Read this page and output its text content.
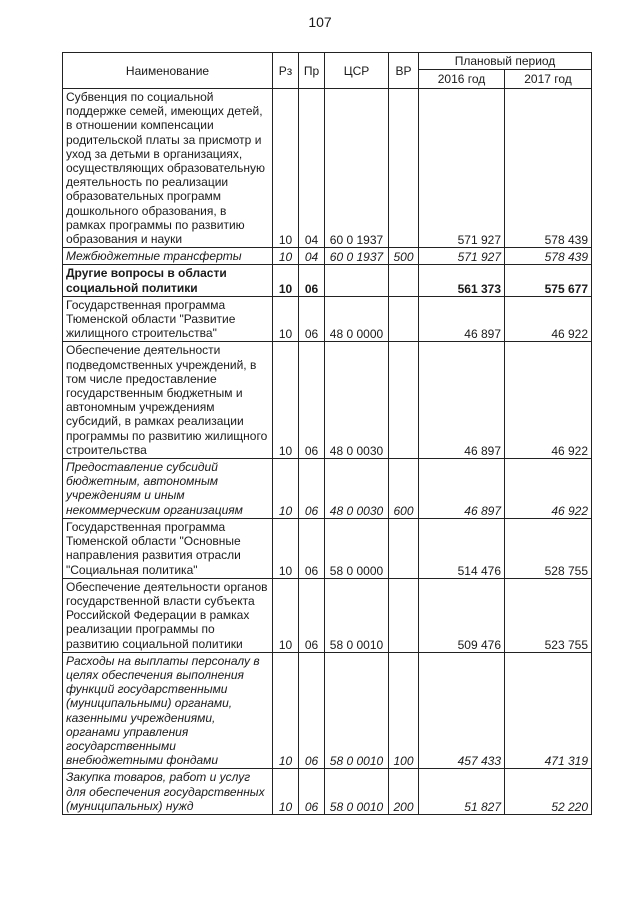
107
Наименование	Рз	Пр	ЦСР	ВР	Плановый период	
					2016 год	2017 год
Субвенция по социальной поддержке семей, имеющих детей, в отношении компенсации родительской платы за присмотр и уход за детьми в организациях, осуществляющих образовательную деятельность по реализации образовательных программ дошкольного образования, в рамках программы по развитию образования и науки	10	04	60 0 1937		571 927	578 439
Межбюджетные трансферты	10	04	60 0 1937	500	571 927	578 439
Другие вопросы в области социальной политики	10	06			561 373	575 677
Государственная программа Тюменской области "Развитие жилищного строительства"	10	06	48 0 0000		46 897	46 922
Обеспечение деятельности подведомственных учреждений, в том числе предоставление государственным бюджетным и автономным учреждениям субсидий, в рамках реализации программы по развитию жилищного строительства	10	06	48 0 0030		46 897	46 922
Предоставление субсидий бюджетным, автономным учреждениям и иным некоммерческим организациям	10	06	48 0 0030	600	46 897	46 922
Государственная программа Тюменской области "Основные направления развития отрасли "Социальная политика"	10	06	58 0 0000		514 476	528 755
Обеспечение деятельности органов государственной власти субъекта Российской Федерации в рамках реализации программы по развитию социальной политики	10	06	58 0 0010		509 476	523 755
Расходы на выплаты персоналу в целях обеспечения выполнения функций государственными (муниципальными) органами, казенными учреждениями, органами управления государственными внебюджетными фондами	10	06	58 0 0010	100	457 433	471 319
Закупка товаров, работ и услуг для обеспечения государственных (муниципальных) нужд	10	06	58 0 0010	200	51 827	52 220
